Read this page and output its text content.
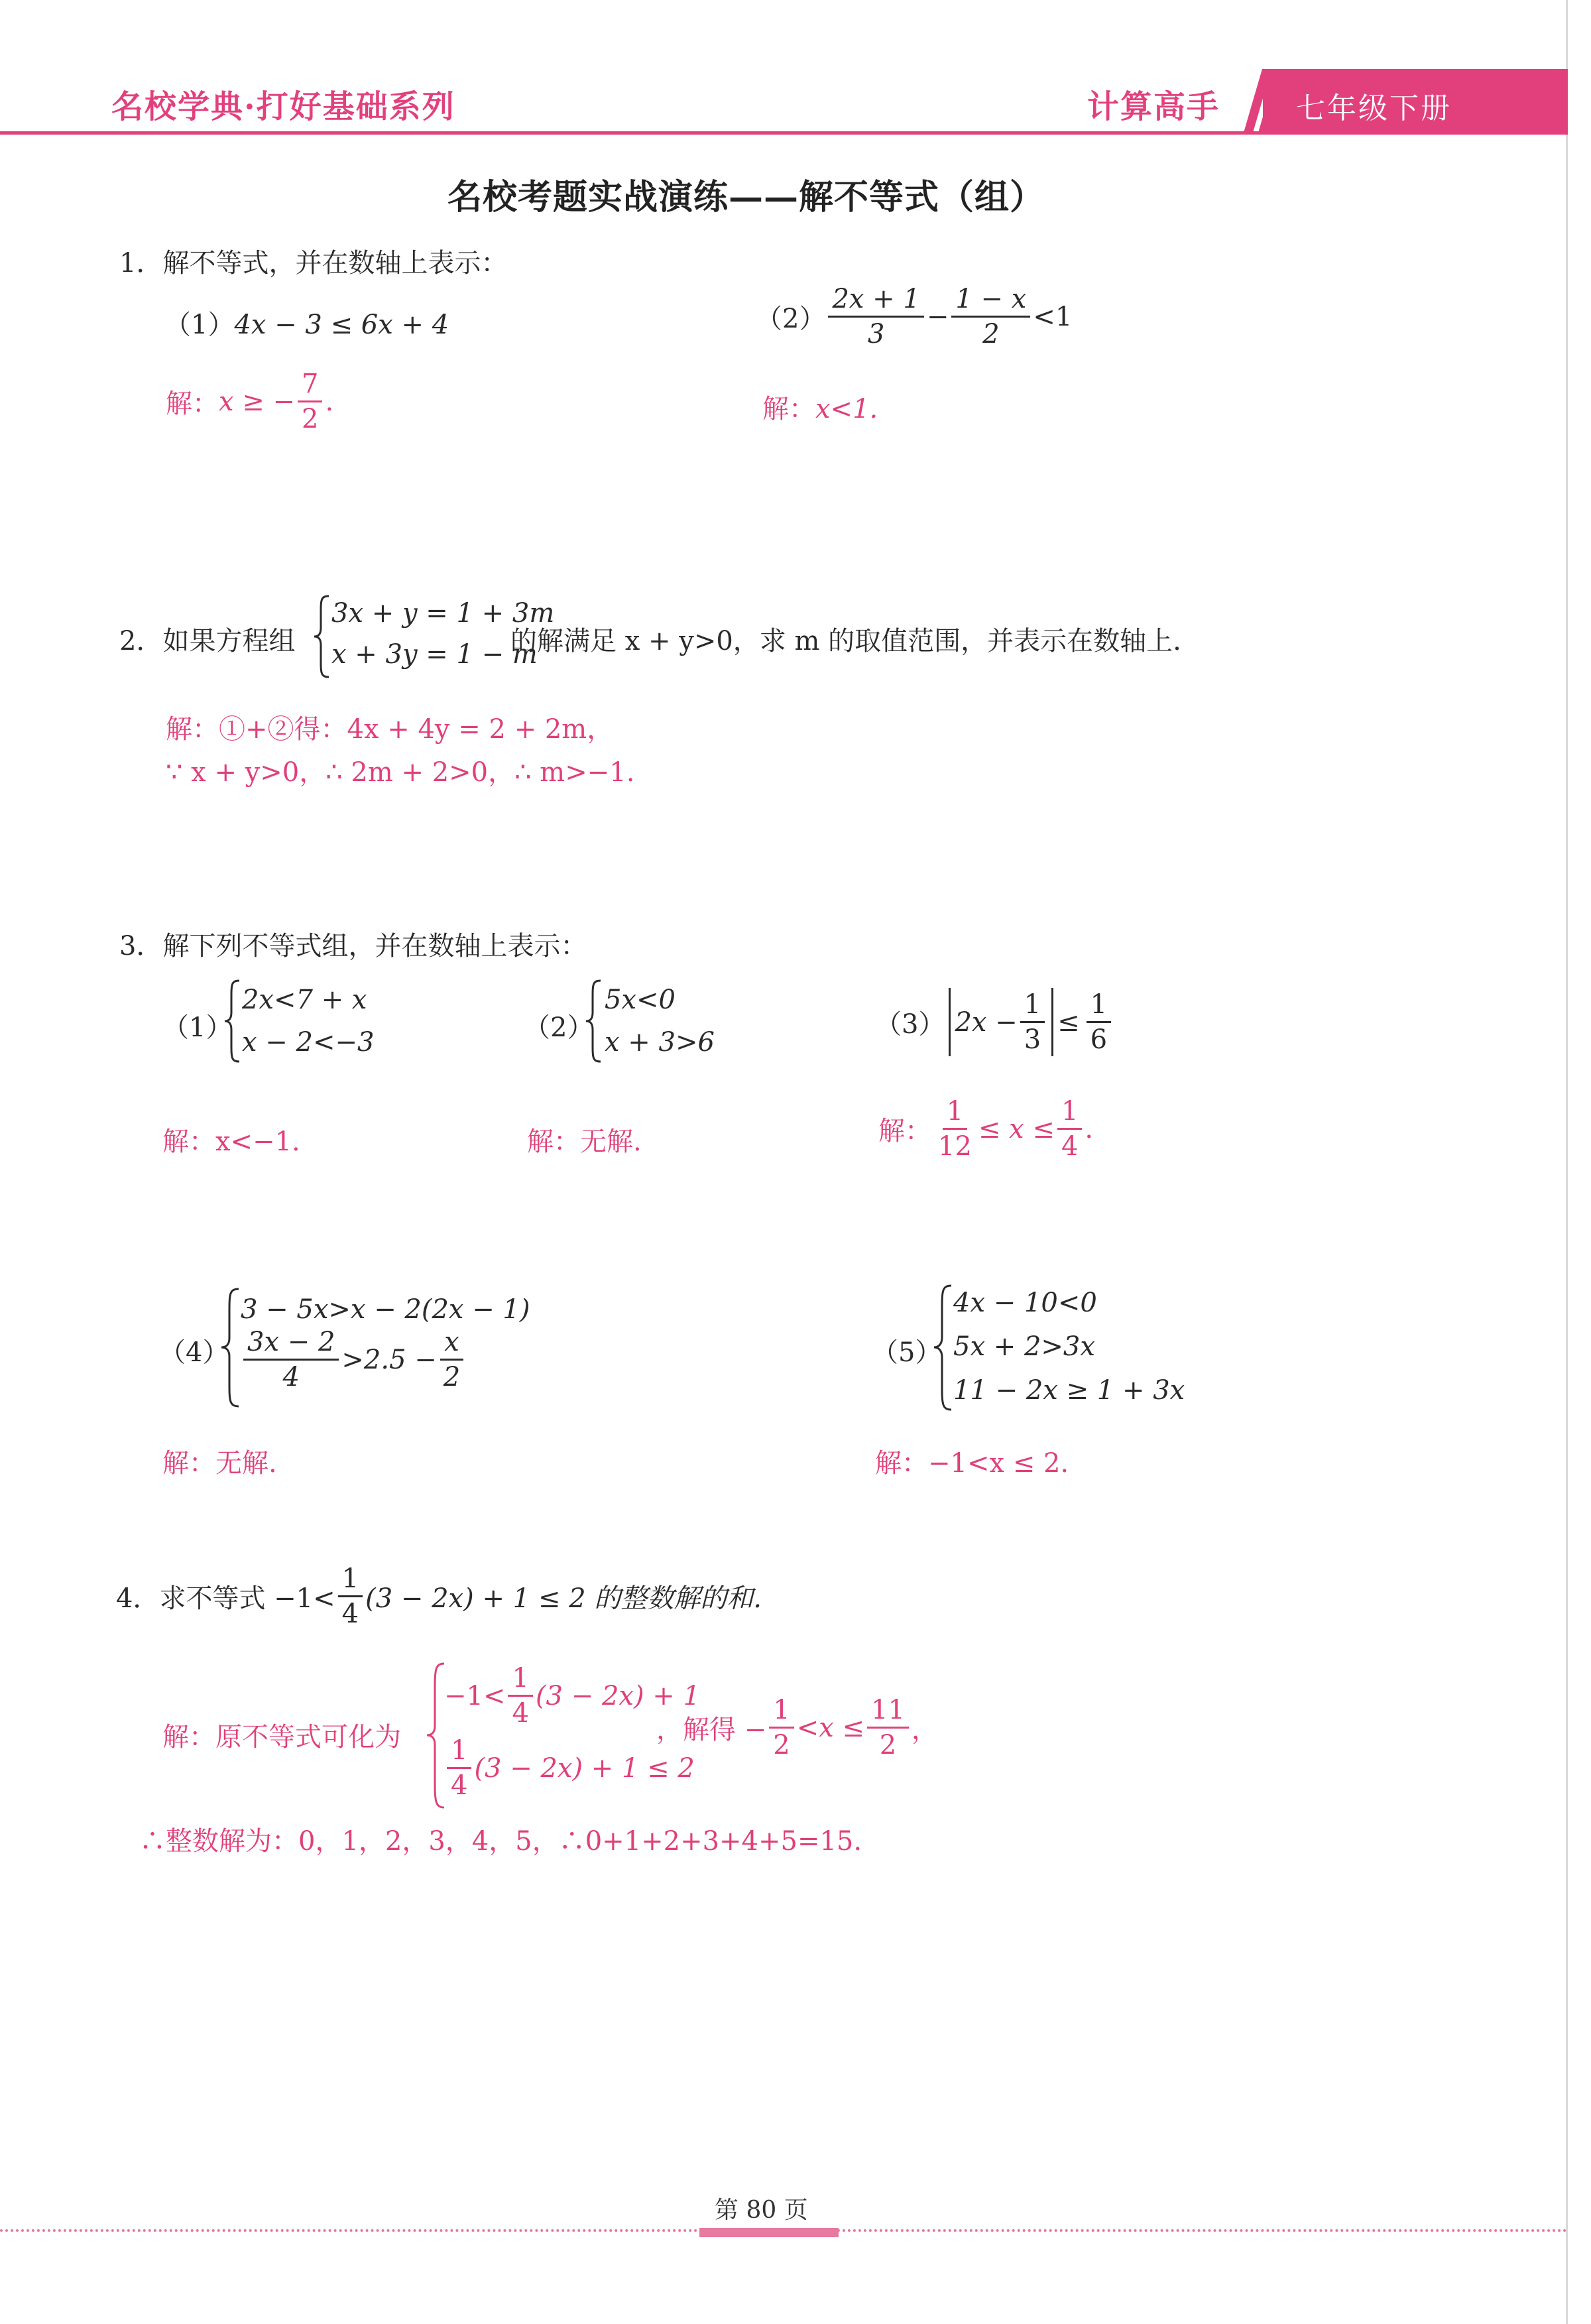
名校学典·打好基础系列	计算高手	七年级下册
名校考题实战演练——解不等式（组）
1．解不等式，并在数轴上表示：
（1）4x − 3 ≤ 6x + 4	$(2) \frac{2x + 1}{3} - \frac{1 - x}{2} <1$
解： x ≥ − $\frac{7}{2}$ .	解：x<1.
2．如果方程组
3x + y = 1 + 3m
x + 3y = 1 − m
的解满足 x + y>0，求 m 的取值范围，并表示在数轴上.
解：①+②得：4x + 4y = 2 + 2m，
∵ x + y>0，∴ 2m + 2>0，∴ m>−1.
3．解下列不等式组，并在数轴上表示：
（1）
2x<7 + x
x − 2<−3
解：x<−1.
（2）
5x<0
x + 3>6
解：无解.
（3） $2x - \frac{1}{3} \le \frac{1}{6}$
解： $\frac{1}{12} \le x \le \frac{1}{4}$ .
（4）
3 − 5x>x − 2(2x − 1)
$\frac{3x - 2}{4} >2.5 - \frac{x}{2}$
解：无解.
（5）
4x − 10<0
5x + 2>3x
11 − 2x ≥ 1 + 3x
解：−1<x ≤ 2.
4．求不等式 $-1< \frac{1}{4} (3 - 2x) + 1 \le 2$ 的整数解的和.
解：原不等式可化为
$-1< \frac{1}{4} (3 - 2x) + 1$
$\frac{1}{4} (3 - 2x) + 1 \le 2$
，解得 − $\frac{1}{2} <x \le \frac{11}{2}$ ，
∴整数解为：0，1，2，3，4，5，∴0+1+2+3+4+5=15.
第 80 页
